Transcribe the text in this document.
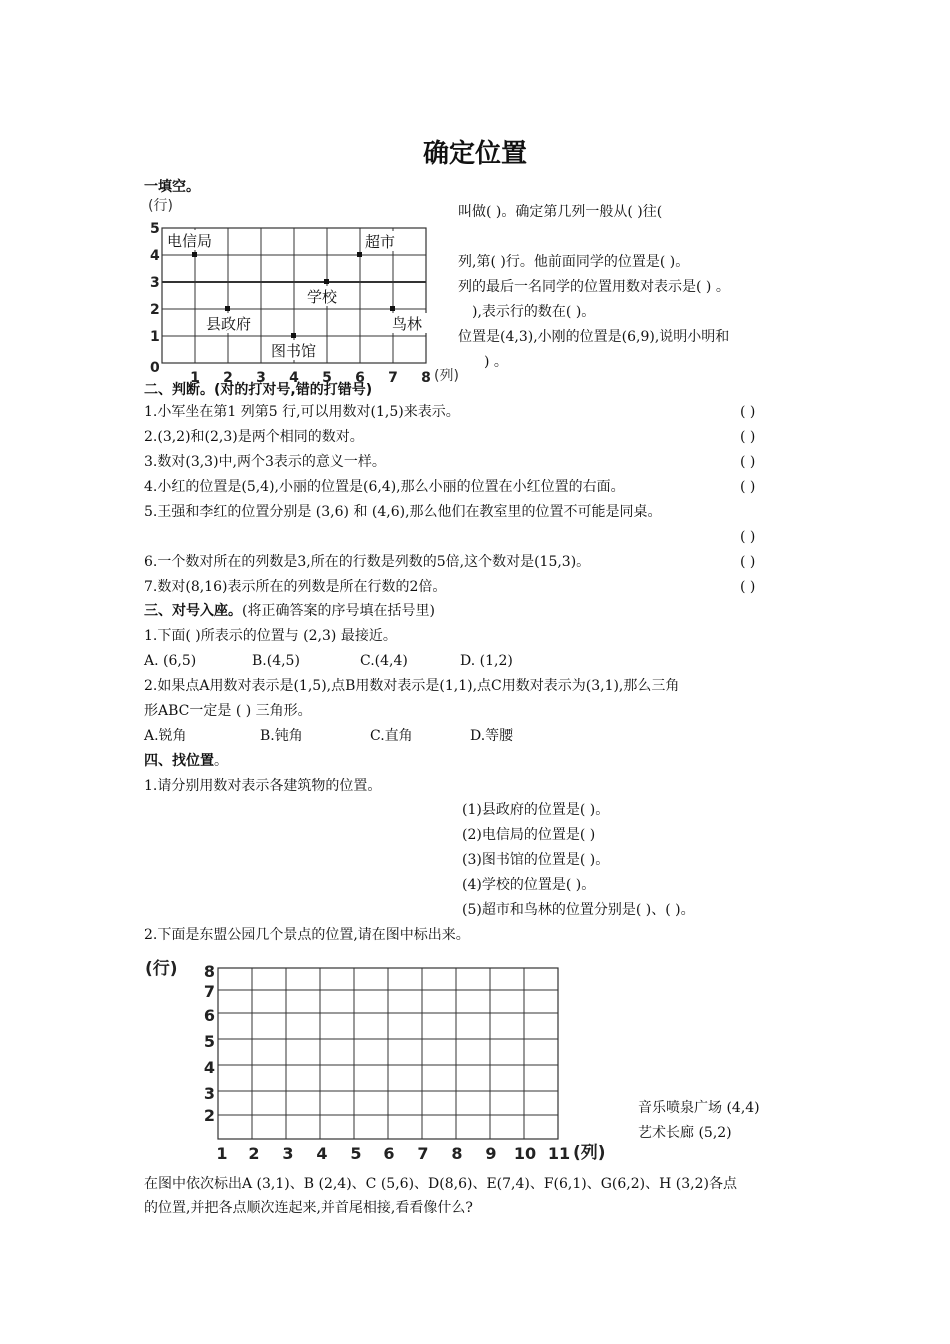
确定位置
一填空。
(行)
0
1
2
3
4
5
1 2 3 4 5 6 7 8 (列)
电信局	超市
学校
县政府	鸟林
图书馆
叫做( )。确定第几列一般从( )往(
列,第( )行。他前面同学的位置是( )。
列的最后一名同学的位置用数对表示是( ) 。
),表示行的数在( )。
位置是(4,3),小刚的位置是(6,9),说明小明和
) 。
二、判断。(对的打对号,错的打错号)
1.小军坐在第1 列第5 行,可以用数对(1,5)来表示。	( )
2.(3,2)和(2,3)是两个相同的数对。	( )
3.数对(3,3)中,两个3表示的意义一样。	( )
4.小红的位置是(5,4),小丽的位置是(6,4),那么小丽的位置在小红位置的右面。	( )
5.王强和李红的位置分别是 (3,6) 和 (4,6),那么他们在教室里的位置不可能是同桌。
( )
6.一个数对所在的列数是3,所在的行数是列数的5倍,这个数对是(15,3)。	( )
7.数对(8,16)表示所在的列数是所在行数的2倍。	( )
三、对号入座。(将正确答案的序号填在括号里)
1.下面( )所表示的位置与 (2,3) 最接近。
A. (6,5)	B.(4,5)	C.(4,4)	D. (1,2)
2.如果点A用数对表示是(1,5),点B用数对表示是(1,1),点C用数对表示为(3,1),那么三角
形ABC一定是 ( ) 三角形。
A.锐角	B.钝角	C.直角	D.等腰
四、找位置。
1.请分别用数对表示各建筑物的位置。
(1)县政府的位置是( )。
(2)电信局的位置是( )
(3)图书馆的位置是( )。
(4)学校的位置是( )。
(5)超市和鸟林的位置分别是( )、( )。
2.下面是东盟公园几个景点的位置,请在图中标出来。
(行) 8
7
6
5
4
3
2
1 2 3 4 5 6 7 8 9 10 11 (列)
音乐喷泉广场 (4,4)
艺术长廊 (5,2)
在图中依次标出A (3,1)、B (2,4)、C (5,6)、D(8,6)、E(7,4)、F(6,1)、G(6,2)、H (3,2)各点
的位置,并把各点顺次连起来,并首尾相接,看看像什么?
